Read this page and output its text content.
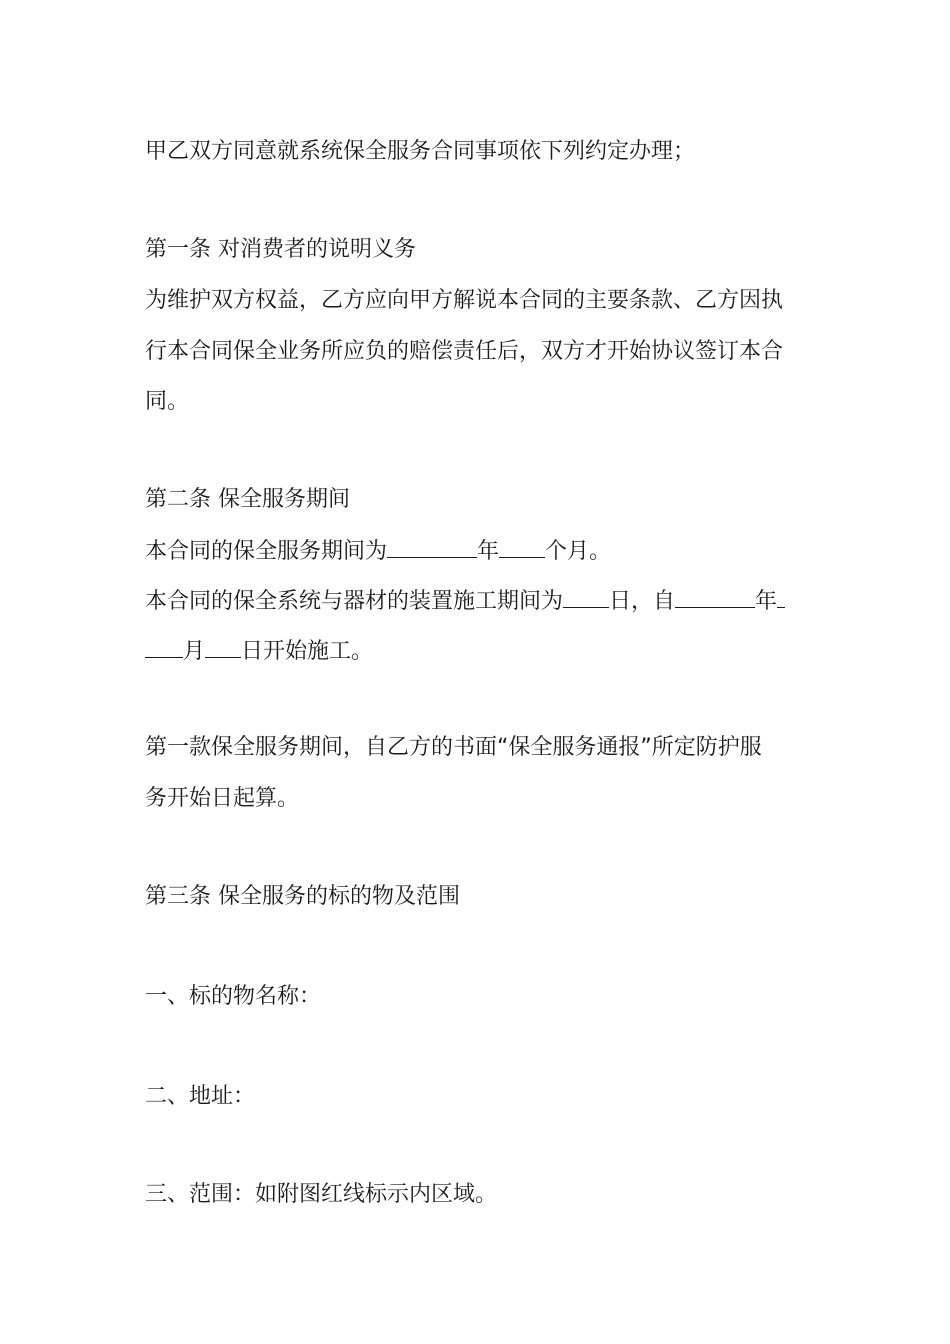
甲乙双方同意就系统保全服务合同事项依下列约定办理；
第一条 对消费者的说明义务
为维护双方权益，乙方应向甲方解说本合同的主要条款、乙方因执
行本合同保全业务所应负的赔偿责任后，双方才开始协议签订本合
同。
第二条 保全服务期间
本合同的保全服务期间为	年 个月。
本合同的保全系统与器材的装置施工期间为 日，自	年
月 日开始施工。
第一款保全服务期间，自乙方的书面“保全服务通报”所定防护服
务开始日起算。
第三条 保全服务的标的物及范围
一、标的物名称：
二、地址：
三、范围：如附图红线标示内区域。
